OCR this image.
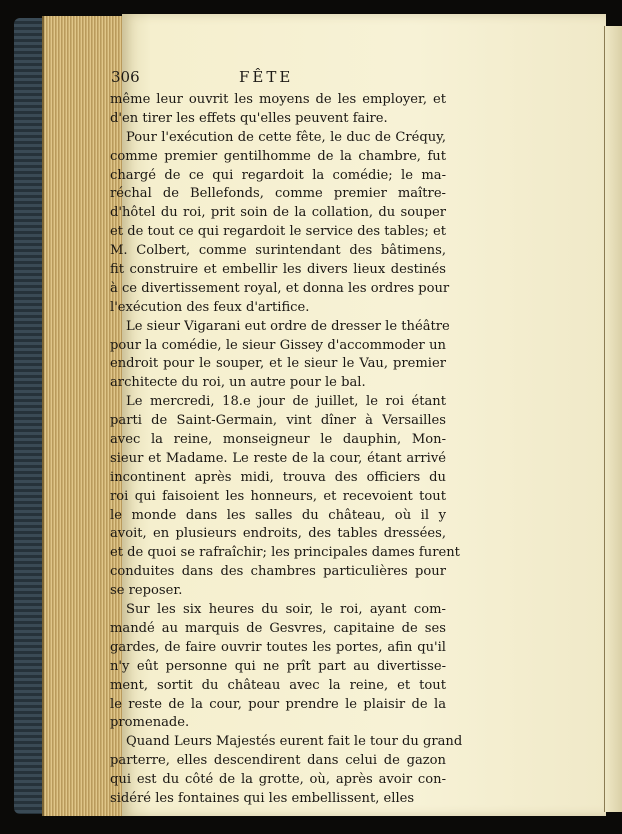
306	FÊTE
même leur ouvrit les moyens de les employer, et
d'en tirer les effets qu'elles peuvent faire.
Pour l'exécution de cette fête, le duc de Créquy,
comme premier gentilhomme de la chambre, fut
chargé de ce qui regardoit la comédie; le ma-
réchal de Bellefonds, comme premier maître-
d'hôtel du roi, prit soin de la collation, du souper
et de tout ce qui regardoit le service des tables; et
M. Colbert, comme surintendant des bâtimens,
fit construire et embellir les divers lieux destinés
à ce divertissement royal, et donna les ordres pour
l'exécution des feux d'artifice.
Le sieur Vigarani eut ordre de dresser le théâtre
pour la comédie, le sieur Gissey d'accommoder un
endroit pour le souper, et le sieur le Vau, premier
architecte du roi, un autre pour le bal.
Le mercredi, 18.e jour de juillet, le roi étant
parti de Saint-Germain, vint dîner à Versailles
avec la reine, monseigneur le dauphin, Mon-
sieur et Madame. Le reste de la cour, étant arrivé
incontinent après midi, trouva des officiers du
roi qui faisoient les honneurs, et recevoient tout
le monde dans les salles du château, où il y
avoit, en plusieurs endroits, des tables dressées,
et de quoi se rafraîchir; les principales dames furent
conduites dans des chambres particulières pour
se reposer.
Sur les six heures du soir, le roi, ayant com-
mandé au marquis de Gesvres, capitaine de ses
gardes, de faire ouvrir toutes les portes, afin qu'il
n'y eût personne qui ne prît part au divertisse-
ment, sortit du château avec la reine, et tout
le reste de la cour, pour prendre le plaisir de la
promenade.
Quand Leurs Majestés eurent fait le tour du grand
parterre, elles descendirent dans celui de gazon
qui est du côté de la grotte, où, après avoir con-
sidéré les fontaines qui les embellissent, elles
